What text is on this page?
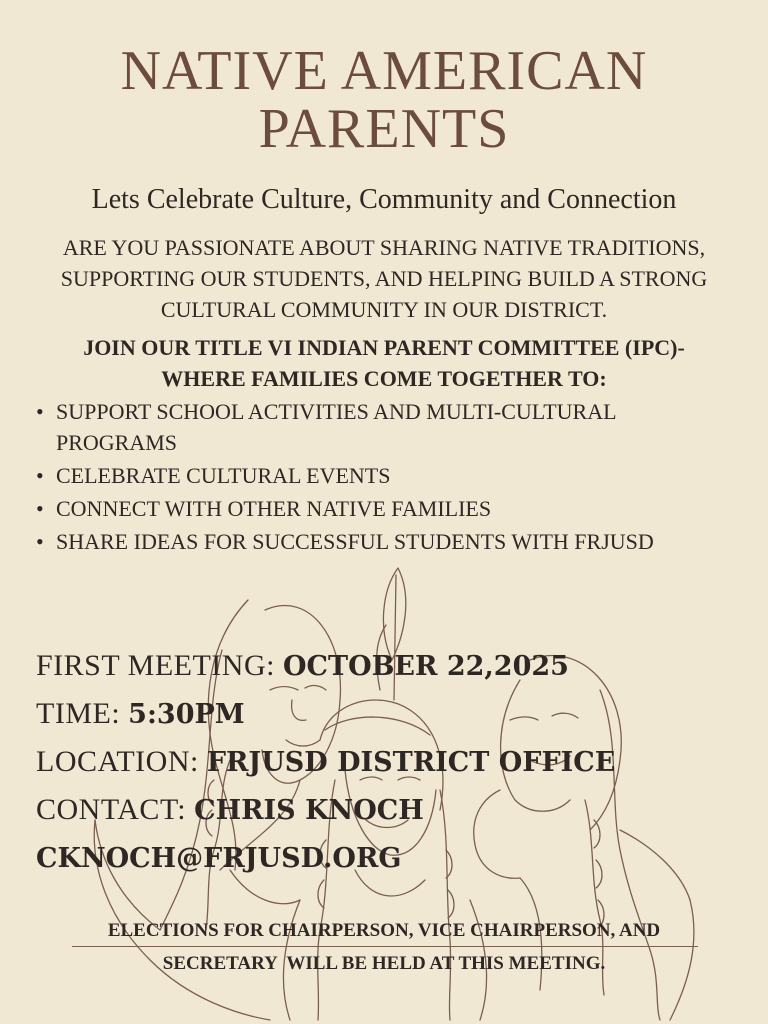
NATIVE AMERICAN
PARENTS
Lets Celebrate Culture, Community and Connection
ARE YOU PASSIONATE ABOUT SHARING NATIVE TRADITIONS,
SUPPORTING OUR STUDENTS, AND HELPING BUILD A STRONG
CULTURAL COMMUNITY IN OUR DISTRICT.
JOIN OUR TITLE VI INDIAN PARENT COMMITTEE (IPC)-
WHERE FAMILIES COME TOGETHER TO:
• SUPPORT SCHOOL ACTIVITIES AND MULTI-CULTURAL PROGRAMS
• CELEBRATE CULTURAL EVENTS
• CONNECT WITH OTHER NATIVE FAMILIES
• SHARE IDEAS FOR SUCCESSFUL STUDENTS WITH FRJUSD
FIRST MEETING: OCTOBER 22,2025
TIME: 5:30PM
LOCATION: FRJUSD DISTRICT OFFICE
CONTACT: CHRIS KNOCH
CKNOCH@FRJUSD.ORG
ELECTIONS FOR CHAIRPERSON, VICE CHAIRPERSON, AND
SECRETARY  WILL BE HELD AT THIS MEETING.
